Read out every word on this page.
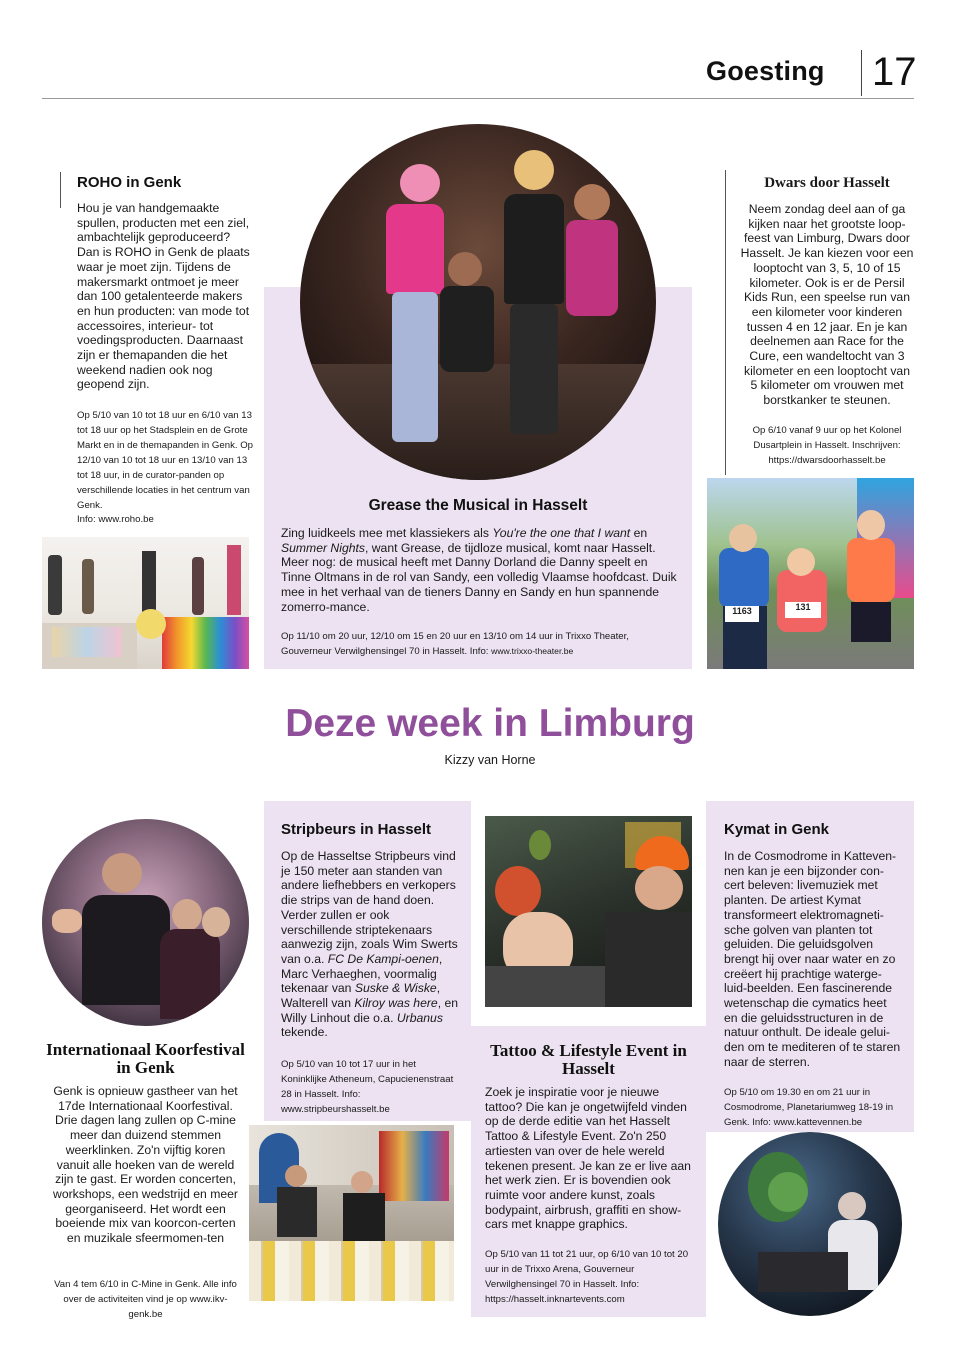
Goesting 17
ROHO in Genk
Hou je van handgemaakte spullen, producten met een ziel, ambachtelijk geproduceerd? Dan is ROHO in Genk de plaats waar je moet zijn. Tijdens de makersmarkt ontmoet je meer dan 100 getalenteerde makers en hun producten: van mode tot accessoires, interieur- tot voedingsproducten. Daarnaast zijn er themapanden die het weekend nadien ook nog geopend zijn.
Op 5/10 van 10 tot 18 uur en 6/10 van 13 tot 18 uur op het Stadsplein en de Grote Markt en in de themapanden in Genk. Op 12/10 van 10 tot 18 uur en 13/10 van 13 tot 18 uur, in de curator-panden op verschillende locaties in het centrum van Genk.
Info: www.roho.be
Grease the Musical in Hasselt
Zing luidkeels mee met klassiekers als You're the one that I want en Summer Nights, want Grease, de tijdloze musical, komt naar Hasselt. Meer nog: de musical heeft met Danny Dorland die Danny speelt en Tinne Oltmans in de rol van Sandy, een volledig Vlaamse hoofdcast. Duik mee in het verhaal van de tieners Danny en Sandy en hun spannende zomerro-mance.
Op 11/10 om 20 uur, 12/10 om 15 en 20 uur en 13/10 om 14 uur in Trixxo Theater, Gouverneur Verwilghensingel 70 in Hasselt. Info: www.trixxo-theater.be
Dwars door Hasselt
Neem zondag deel aan of ga kijken naar het grootste loop-feest van Limburg, Dwars door Hasselt. Je kan kiezen voor een looptocht van 3, 5, 10 of 15 kilometer. Ook is er de Persil Kids Run, een speelse run van een kilometer voor kinderen tussen 4 en 12 jaar. En je kan deelnemen aan Race for the Cure, een wandeltocht van 3 kilometer en een looptocht van 5 kilometer om vrouwen met borstkanker te steunen.
Op 6/10 vanaf 9 uur op het Kolonel Dusartplein in Hasselt. Inschrijven: https://dwarsdoorhasselt.be
1163	131
Deze week in Limburg
Kizzy van Horne
Internationaal Koorfestival in Genk
Genk is opnieuw gastheer van het 17de Internationaal Koorfestival. Drie dagen lang zullen op C-mine meer dan duizend stemmen weerklinken. Zo'n vijftig koren vanuit alle hoeken van de wereld zijn te gast. Er worden concerten, workshops, een wedstrijd en meer georganiseerd. Het wordt een boeiende mix van koorcon-certen en muzikale sfeermomen-ten
Van 4 tem 6/10 in C-Mine in Genk. Alle info over de activiteiten vind je op www.ikv-genk.be
Stripbeurs in Hasselt
Op de Hasseltse Stripbeurs vind je 150 meter aan standen van andere liefhebbers en verkopers die strips van de hand doen. Verder zullen er ook verschillende striptekenaars aanwezig zijn, zoals Wim Swerts van o.a. FC De Kampi-oenen, Marc Verhaeghen, voormalig tekenaar van Suske & Wiske, Walterell van Kilroy was here, en Willy Linhout die o.a. Urbanus tekende.
Op 5/10 van 10 tot 17 uur in het Koninklijke Atheneum, Capucienenstraat 28 in Hasselt. Info: www.stripbeurshasselt.be
Tattoo & Lifestyle Event in Hasselt
Zoek je inspiratie voor je nieuwe tattoo? Die kan je ongetwijfeld vinden op de derde editie van het Hasselt Tattoo & Lifestyle Event. Zo'n 250 artiesten van over de hele wereld tekenen present. Je kan ze er live aan het werk zien. Er is bovendien ook ruimte voor andere kunst, zoals bodypaint, airbrush, graffiti en show-cars met knappe graphics.
Op 5/10 van 11 tot 21 uur, op 6/10 van 10 tot 20 uur in de Trixxo Arena, Gouverneur Verwilghensingel 70 in Hasselt. Info: https://hasselt.inknartevents.com
Kymat in Genk
In de Cosmodrome in Katteven-nen kan je een bijzonder con-cert beleven: livemuziek met planten. De artiest Kymat transformeert elektromagneti-sche golven van planten tot geluiden. Die geluidsgolven brengt hij over naar water en zo creëert hij prachtige waterge-luid-beelden. Een fascinerende wetenschap die cymatics heet en die geluidsstructuren in de natuur onthult. De ideale gelui-den om te mediteren of te staren naar de sterren.
Op 5/10 om 19.30 en om 21 uur in Cosmodrome, Planetariumweg 18-19 in Genk. Info: www.kattevennen.be
